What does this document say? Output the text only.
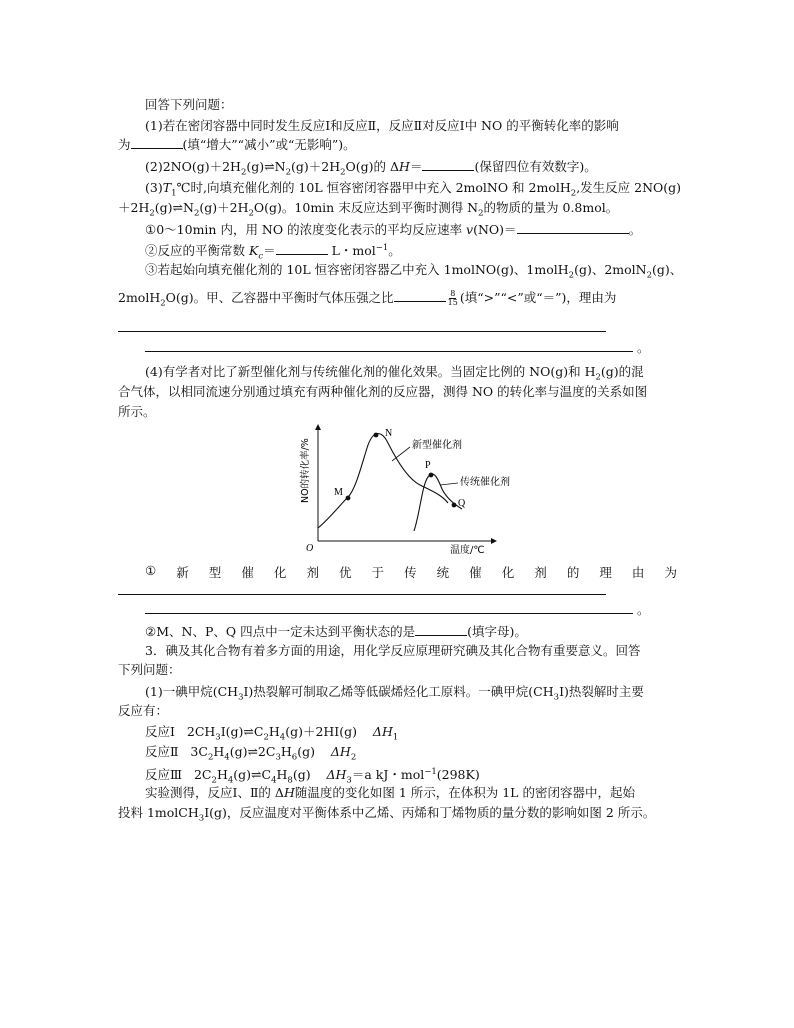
回答下列问题：
(1)若在密闭容器中同时发生反应Ⅰ和反应Ⅱ，反应Ⅱ对反应Ⅰ中 NO 的平衡转化率的影响
为	(填“增大”“减小”或“无影响”)。
$(2)2NO(g)+2H_2(g)\rightleftharpoons N_2(g)+2H_2O(g)$的 ΔH＝	(保留四位有效数字)。
$(3)T_1℃$时,向填充催化剂的 10L 恒容密闭容器甲中充入 2molNO 和 2molH$_2$,发生反应 2NO(g)
$+2H_2(g)\rightleftharpoons N_2(g)+2H_2O(g)$。10min 末反应达到平衡时测得 $N_2$的物质的量为 0.8mol。
①0～10min 内，用 NO 的浓度变化表示的平均反应速率 v(NO)＝	。
②反应的平衡常数 $K_c=$	L・mol$^{-1}$。
③若起始向填充催化剂的 10L 恒容密闭容器乙中充入 1molNO(g)、1molH$_2$(g)、2molN$_2$(g)、
2molH$_2$O(g)。甲、乙容器中平衡时气体压强之比	$\frac{8}{15}$ (填“>”“<”或“＝”)，理由为
。
(4)有学者对比了新型催化剂与传统催化剂的催化效果。当固定比例的 NO(g)和 $H_2(g)$的混
合气体，以相同流速分别通过填充有两种催化剂的反应器，测得 NO 的转化率与温度的关系如图
所示。
M
N
P
Q
新型催化剂
传统催化剂
O	温度/℃
NO的转化率/%
① 新 型 催 化 剂 优 于 传 统 催 化 剂 的 理 由 为
。
②M、N、P、Q 四点中一定未达到平衡状态的是	(填字母)。
3．碘及其化合物有着多方面的用途，用化学反应原理研究碘及其化合物有重要意义。回答
下列问题：
(1)一碘甲烷$(CH_3I)$热裂解可制取乙烯等低碳烯烃化工原料。一碘甲烷$(CH_3I)$热裂解时主要
反应有：
反应Ⅰ $2CH_3I(g)\rightleftharpoons C_2H_4(g)+2HI(g)$ $\Delta H_1$
反应Ⅱ $3C_2H_4(g)\rightleftharpoons 2C_3H_6(g)$ $\Delta H_2$
反应Ⅲ $2C_2H_4(g)\rightleftharpoons C_4H_8(g)$ $\Delta H_3=a$ kJ・mol$^{-1}$(298K)
实验测得，反应Ⅰ、Ⅱ的 ΔH随温度的变化如图 1 所示，在体积为 1L 的密闭容器中，起始
投料 1molCH$_3$I(g)，反应温度对平衡体系中乙烯、丙烯和丁烯物质的量分数的影响如图 2 所示。
